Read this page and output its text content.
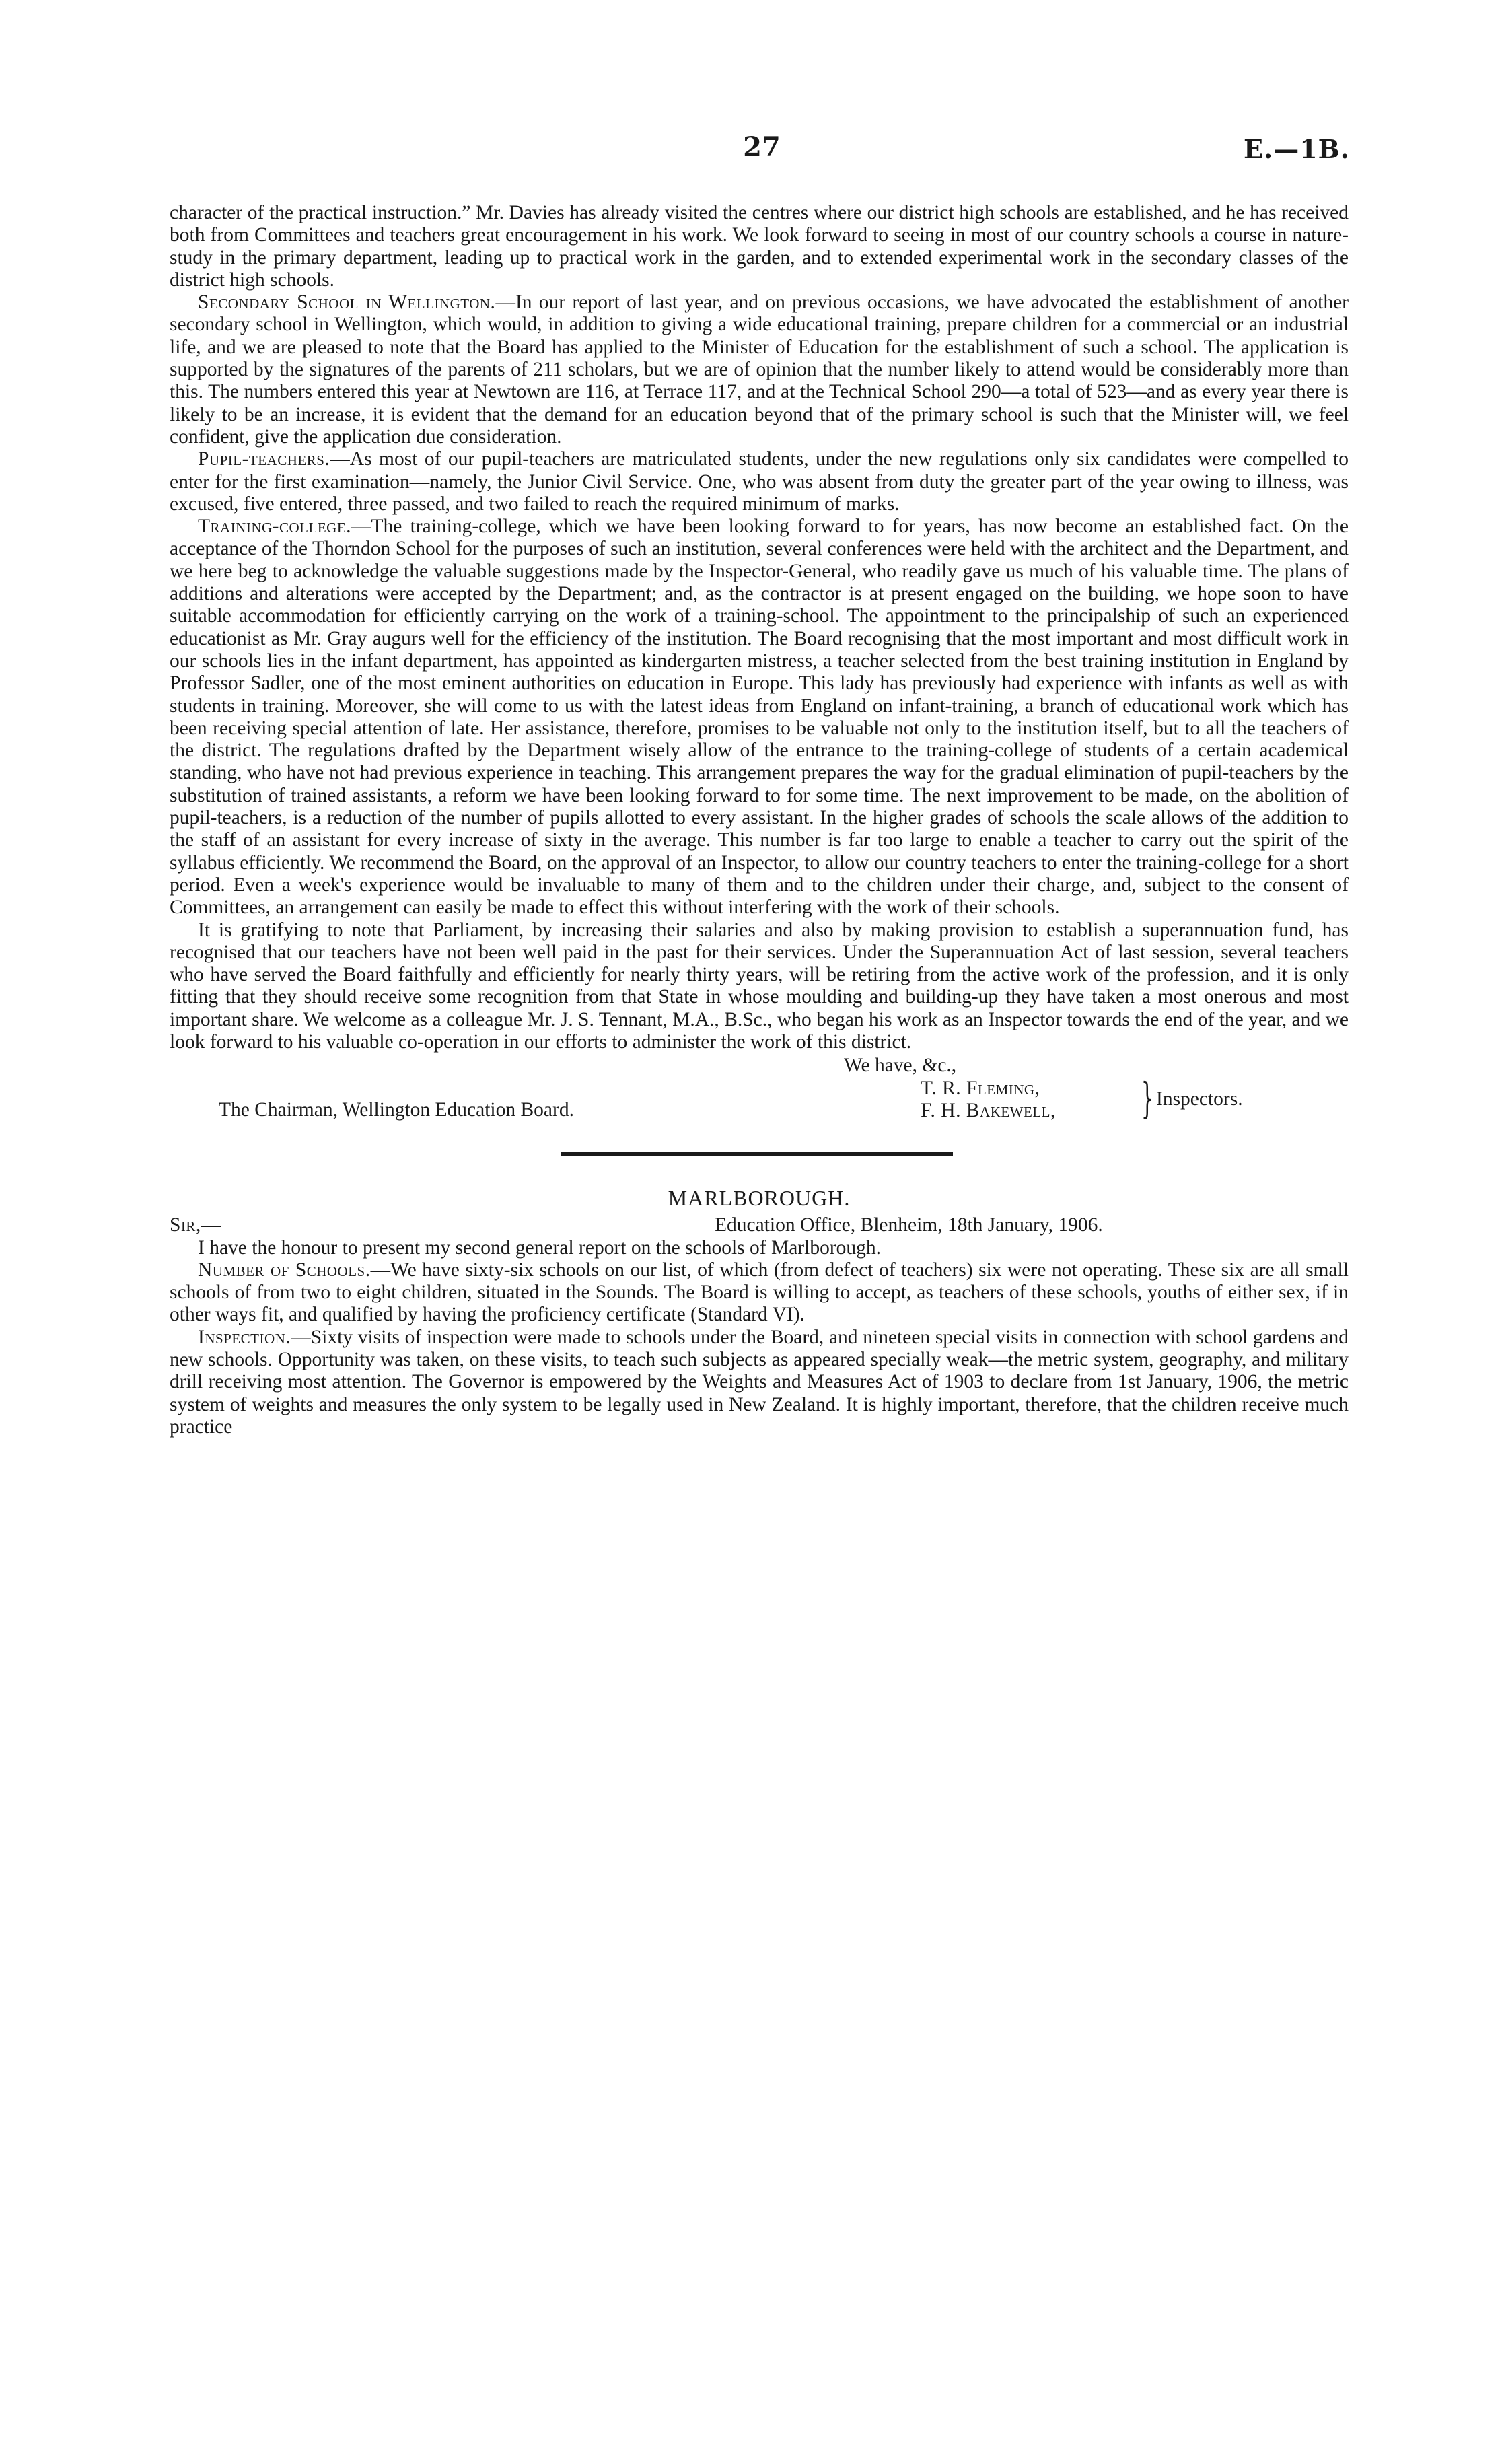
27	E.—1B.

character of the practical instruction.” Mr. Davies has already visited the centres where our district high schools are established, and he has received both from Committees and teachers great encouragement in his work. We look forward to seeing in most of our country schools a course in nature-study in the primary department, leading up to practical work in the garden, and to extended experimental work in the secondary classes of the district high schools.

Secondary School in Wellington.—In our report of last year, and on previous occasions, we have advocated the establishment of another secondary school in Wellington, which would, in addition to giving a wide educational training, prepare children for a commercial or an industrial life, and we are pleased to note that the Board has applied to the Minister of Education for the establishment of such a school. The application is supported by the signatures of the parents of 211 scholars, but we are of opinion that the number likely to attend would be considerably more than this. The numbers entered this year at Newtown are 116, at Terrace 117, and at the Technical School 290—a total of 523—and as every year there is likely to be an increase, it is evident that the demand for an education beyond that of the primary school is such that the Minister will, we feel confident, give the application due consideration.

Pupil-teachers.—As most of our pupil-teachers are matriculated students, under the new regulations only six candidates were compelled to enter for the first examination—namely, the Junior Civil Service. One, who was absent from duty the greater part of the year owing to illness, was excused, five entered, three passed, and two failed to reach the required minimum of marks.

Training-college.—The training-college, which we have been looking forward to for years, has now become an established fact. On the acceptance of the Thorndon School for the purposes of such an institution, several conferences were held with the architect and the Department, and we here beg to acknowledge the valuable suggestions made by the Inspector-General, who readily gave us much of his valuable time. The plans of additions and alterations were accepted by the Department; and, as the contractor is at present engaged on the building, we hope soon to have suitable accommodation for efficiently carrying on the work of a training-school. The appointment to the principalship of such an experienced educationist as Mr. Gray augurs well for the efficiency of the institution. The Board recognising that the most important and most difficult work in our schools lies in the infant department, has appointed as kindergarten mistress, a teacher selected from the best training institution in England by Professor Sadler, one of the most eminent authorities on education in Europe. This lady has previously had experience with infants as well as with students in training. Moreover, she will come to us with the latest ideas from England on infant-training, a branch of educational work which has been receiving special attention of late. Her assistance, therefore, promises to be valuable not only to the institution itself, but to all the teachers of the district. The regulations drafted by the Department wisely allow of the entrance to the training-college of students of a certain academical standing, who have not had previous experience in teaching. This arrangement prepares the way for the gradual elimination of pupil-teachers by the substitution of trained assistants, a reform we have been looking forward to for some time. The next improvement to be made, on the abolition of pupil-teachers, is a reduction of the number of pupils allotted to every assistant. In the higher grades of schools the scale allows of the addition to the staff of an assistant for every increase of sixty in the average. This number is far too large to enable a teacher to carry out the spirit of the syllabus efficiently. We recommend the Board, on the approval of an Inspector, to allow our country teachers to enter the training-college for a short period. Even a week's experience would be invaluable to many of them and to the children under their charge, and, subject to the consent of Committees, an arrangement can easily be made to effect this without interfering with the work of their schools.

It is gratifying to note that Parliament, by increasing their salaries and also by making provision to establish a superannuation fund, has recognised that our teachers have not been well paid in the past for their services. Under the Superannuation Act of last session, several teachers who have served the Board faithfully and efficiently for nearly thirty years, will be retiring from the active work of the profession, and it is only fitting that they should receive some recognition from that State in whose moulding and building-up they have taken a most onerous and most important share. We welcome as a colleague Mr. J. S. Tennant, M.A., B.Sc., who began his work as an Inspector towards the end of the year, and we look forward to his valuable co-operation in our efforts to administer the work of this district.

We have, &c.,
The Chairman, Wellington Education Board.
T. R. Fleming,
F. H. Bakewell, } Inspectors.
MARLBOROUGH.
Sir,—	Education Office, Blenheim, 18th January, 1906.

I have the honour to present my second general report on the schools of Marlborough.

Number of Schools.—We have sixty-six schools on our list, of which (from defect of teachers) six were not operating. These six are all small schools of from two to eight children, situated in the Sounds. The Board is willing to accept, as teachers of these schools, youths of either sex, if in other ways fit, and qualified by having the proficiency certificate (Standard VI).

Inspection.—Sixty visits of inspection were made to schools under the Board, and nineteen special visits in connection with school gardens and new schools. Opportunity was taken, on these visits, to teach such subjects as appeared specially weak—the metric system, geography, and military drill receiving most attention. The Governor is empowered by the Weights and Measures Act of 1903 to declare from 1st January, 1906, the metric system of weights and measures the only system to be legally used in New Zealand. It is highly important, therefore, that the children receive much practice
